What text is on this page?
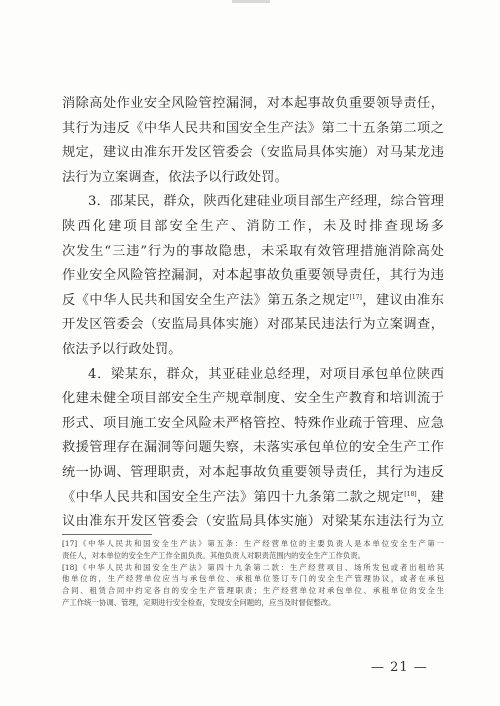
消除高处作业安全风险管控漏洞，对本起事故负重要领导责任，
其行为违反《中华人民共和国安全生产法》第二十五条第二项之
规定，建议由准东开发区管委会（安监局具体实施）对马某龙违
法行为立案调查，依法予以行政处罚。
3．邵某民，群众，陕西化建硅业项目部生产经理，综合管理
陕西化建项目部安全生产、消防工作，未及时排查现场多
次发生“三违”行为的事故隐患，未采取有效管理措施消除高处
作业安全风险管控漏洞，对本起事故负重要领导责任，其行为违
反《中华人民共和国安全生产法》第五条之规定[17]，建议由准东
开发区管委会（安监局具体实施）对邵某民违法行为立案调查，
依法予以行政处罚。
4．梁某东，群众，其亚硅业总经理，对项目承包单位陕西
化建未健全项目部安全生产规章制度、安全生产教育和培训流于
形式、项目施工安全风险未严格管控、特殊作业疏于管理、应急
救援管理存在漏洞等问题失察，未落实承包单位的安全生产工作
统一协调、管理职责，对本起事故负重要领导责任，其行为违反
《中华人民共和国安全生产法》第四十九条第二款之规定[18]，建
议由准东开发区管委会（安监局具体实施）对梁某东违法行为立
[17]《中华人民共和国安全生产法》第五条：生产经营单位的主要负责人是本单位安全生产第一
责任人，对本单位的安全生产工作全面负责。其他负责人对职责范围内的安全生产工作负责。
[18]《中华人民共和国安全生产法》第四十九条第二款：生产经营项目、场所发包或者出租给其
他单位的，生产经营单位应当与承包单位、承租单位签订专门的安全生产管理协议，或者在承包
合同、租赁合同中约定各自的安全生产管理职责；生产经营单位对承包单位、承租单位的安全生
产工作统一协调、管理，定期进行安全检查，发现安全问题的，应当及时督促整改。
— 21 —
